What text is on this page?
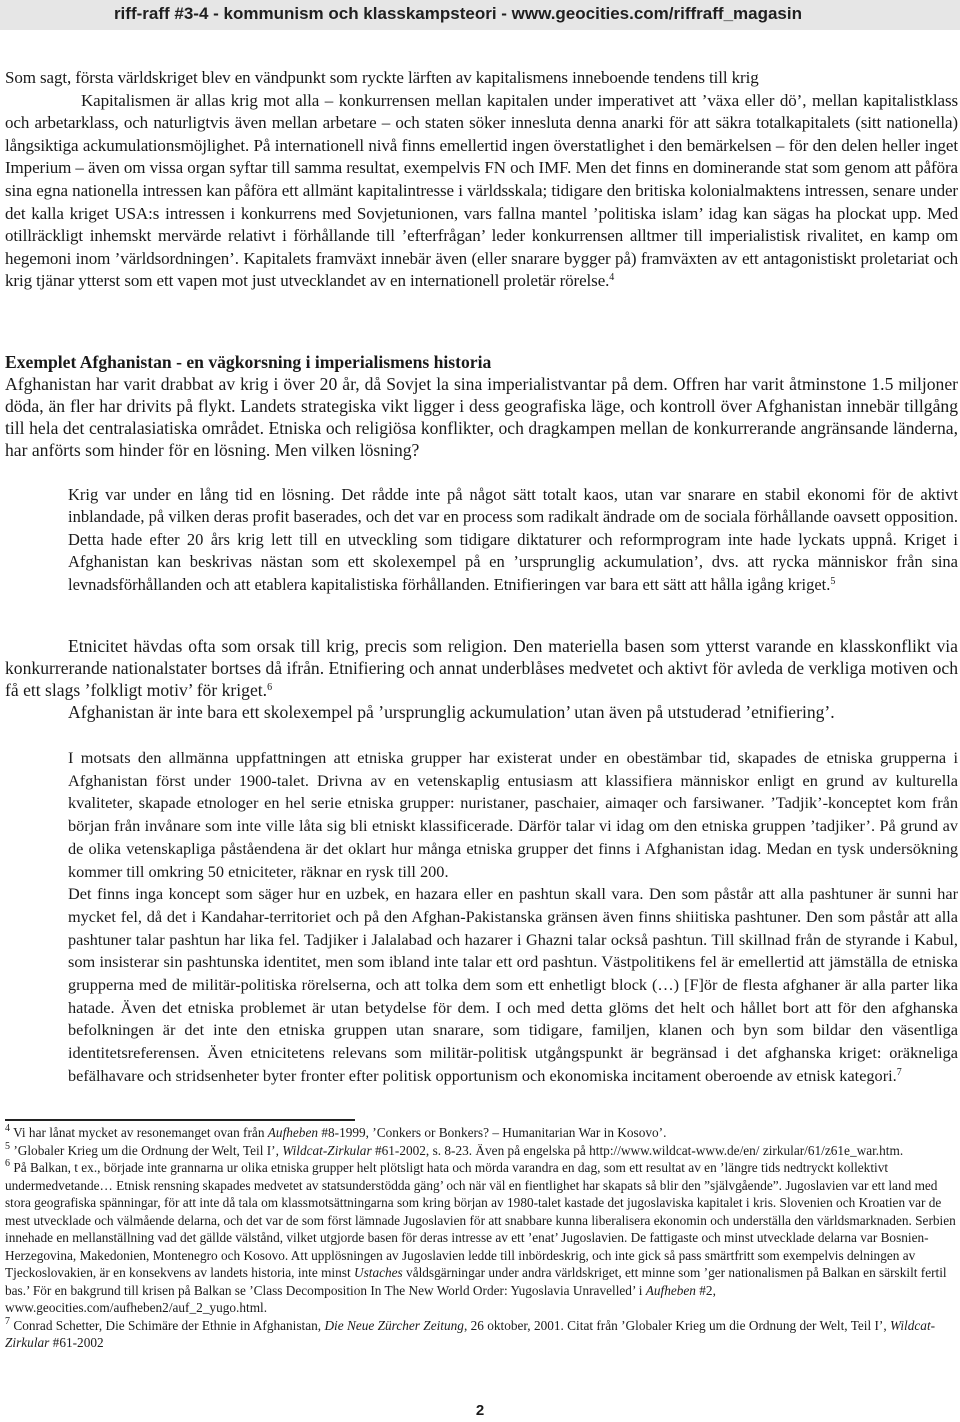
riff-raff #3-4 - kommunism och klasskampsteori - www.geocities.com/riffraff_magasin

Som sagt, första världskriget blev en vändpunkt som ryckte lärften av kapitalismens inneboende tendens till krig

Kapitalismen är allas krig mot alla – konkurrensen mellan kapitalen under imperativet att ’växa eller dö’, mellan kapitalistklass och arbetarklass, och naturligtvis även mellan arbetare – och staten söker innesluta denna anarki för att säkra totalkapitalets (sitt nationella) långsiktiga ackumulationsmöjlighet. På internationell nivå finns emellertid ingen överstatlighet i den bemärkelsen – för den delen heller inget Imperium – även om vissa organ syftar till samma resultat, exempelvis FN och IMF. Men det finns en dominerande stat som genom att påföra sina egna nationella intressen kan påföra ett allmänt kapitalintresse i världsskala; tidigare den britiska kolonialmaktens intressen, senare under det kalla kriget USA:s intressen i konkurrens med Sovjetunionen, vars fallna mantel ’politiska islam’ idag kan sägas ha plockat upp. Med otillräckligt inhemskt mervärde relativt i förhållande till ’efterfrågan’ leder konkurrensen alltmer till imperialistisk rivalitet, en kamp om hegemoni inom ’världsordningen’. Kapitalets framväxt innebär även (eller snarare bygger på) framväxten av ett antagonistiskt proletariat och krig tjänar ytterst som ett vapen mot just utvecklandet av en internationell proletär rörelse.$^4$

Exemplet Afghanistan - en vägkorsning i imperialismens historia

Afghanistan har varit drabbat av krig i över 20 år, då Sovjet la sina imperialistvantar på dem. Offren har varit åtminstone 1.5 miljoner döda, än fler har drivits på flykt. Landets strategiska vikt ligger i dess geografiska läge, och kontroll över Afghanistan innebär tillgång till hela det centralasiatiska området. Etniska och religiösa konflikter, och dragkampen mellan de konkurrerande angränsande länderna, har anförts som hinder för en lösning. Men vilken lösning?

Krig var under en lång tid en lösning. Det rådde inte på något sätt totalt kaos, utan var snarare en stabil ekonomi för de aktivt inblandade, på vilken deras profit baserades, och det var en process som radikalt ändrade om de sociala förhållande oavsett opposition. Detta hade efter 20 års krig lett till en utveckling som tidigare diktaturer och reformprogram inte hade lyckats uppnå. Kriget i Afghanistan kan beskrivas nästan som ett skolexempel på en ’ursprunglig ackumulation’, dvs. att rycka människor från sina levnadsförhållanden och att etablera kapitalistiska förhållanden. Etnifieringen var bara ett sätt att hålla igång kriget.$^5$

Etnicitet hävdas ofta som orsak till krig, precis som religion. Den materiella basen som ytterst varande en klasskonflikt via konkurrerande nationalstater bortses då ifrån. Etnifiering och annat underblåses medvetet och aktivt för avleda de verkliga motiven och få ett slags ’folkligt motiv’ för kriget.$^6$

Afghanistan är inte bara ett skolexempel på ’ursprunglig ackumulation’ utan även på utstuderad ’etnifiering’.

I motsats den allmänna uppfattningen att etniska grupper har existerat under en obestämbar tid, skapades de etniska grupperna i Afghanistan först under 1900-talet. Drivna av en vetenskaplig entusiasm att klassifiera människor enligt en grund av kulturella kvaliteter, skapade etnologer en hel serie etniska grupper: nuristaner, paschaier, aimaqer och farsiwaner. ’Tadjik’-konceptet kom från början från invånare som inte ville låta sig bli etniskt klassificerade. Därför talar vi idag om den etniska gruppen ’tadjiker’. På grund av de olika vetenskapliga påståendena är det oklart hur många etniska grupper det finns i Afghanistan idag. Medan en tysk undersökning kommer till omkring 50 etniciteter, räknar en rysk till 200.

Det finns inga koncept som säger hur en uzbek, en hazara eller en pashtun skall vara. Den som påstår att alla pashtuner är sunni har mycket fel, då det i Kandahar-territoriet och på den Afghan-Pakistanska gränsen även finns shiitiska pashtuner. Den som påstår att alla pashtuner talar pashtun har lika fel. Tadjiker i Jalalabad och hazarer i Ghazni talar också pashtun. Till skillnad från de styrande i Kabul, som insisterar sin pashtunska identitet, men som ibland inte talar ett ord pashtun. Västpolitikens fel är emellertid att jämställa de etniska grupperna med de militär-politiska rörelserna, och att tolka dem som ett enhetligt block (…) [F]ör de flesta afghaner är alla parter lika hatade. Även det etniska problemet är utan betydelse för dem. I och med detta glöms det helt och hållet bort att för den afghanska befolkningen är det inte den etniska gruppen utan snarare, som tidigare, familjen, klanen och byn som bildar den väsentliga identitetsreferensen. Även etnicitetens relevans som militär-politisk utgångspunkt är begränsad i det afghanska kriget: oräkneliga befälhavare och stridsenheter byter fronter efter politisk opportunism och ekonomiska incitament oberoende av etnisk kategori.$^7$

$^4$ Vi har lånat mycket av resonemanget ovan från Aufheben #8-1999, ’Conkers or Bonkers? – Humanitarian War in Kosovo’.

$^5$ ’Globaler Krieg um die Ordnung der Welt, Teil I’, Wildcat-Zirkular #61-2002, s. 8-23. Även på engelska på http://www.wildcat-www.de/en/ zirkular/61/z61e_war.htm.

$^6$ På Balkan, t ex., började inte grannarna ur olika etniska grupper helt plötsligt hata och mörda varandra en dag, som ett resultat av en ’längre tids nedtryckt kollektivt undermedvetande… Etnisk rensning skapades medvetet av statsunderstödda gäng’ och när väl en fientlighet har skapats så blir den ”självgående”. Jugoslavien var ett land med stora geografiska spänningar, för att inte då tala om klassmotsättningarna som kring början av 1980-talet kastade det jugoslaviska kapitalet i kris. Slovenien och Kroatien var de mest utvecklade och välmående delarna, och det var de som först lämnade Jugoslavien för att snabbare kunna liberalisera ekonomin och underställa den världsmarknaden. Serbien innehade en mellanställning vad det gällde välstånd, vilket utgjorde basen för deras intresse av ett ’enat’ Jugoslavien. De fattigaste och minst utvecklade delarna var Bosnien-Herzegovina, Makedonien, Montenegro och Kosovo. Att upplösningen av Jugoslavien ledde till inbördeskrig, och inte gick så pass smärtfritt som exempelvis delningen av Tjeckoslovakien, är en konsekvens av landets historia, inte minst Ustaches våldsgärningar under andra världskriget, ett minne som ’ger nationalismen på Balkan en särskilt fertil bas.’ För en bakgrund till krisen på Balkan se ’Class Decomposition In The New World Order: Yugoslavia Unravelled’ i Aufheben #2, www.geocities.com/aufheben2/auf_2_yugo.html.

$^7$ Conrad Schetter, Die Schimäre der Ethnie in Afghanistan, Die Neue Zürcher Zeitung, 26 oktober, 2001. Citat från ’Globaler Krieg um die Ordnung der Welt, Teil I’, Wildcat-Zirkular #61-2002

2
